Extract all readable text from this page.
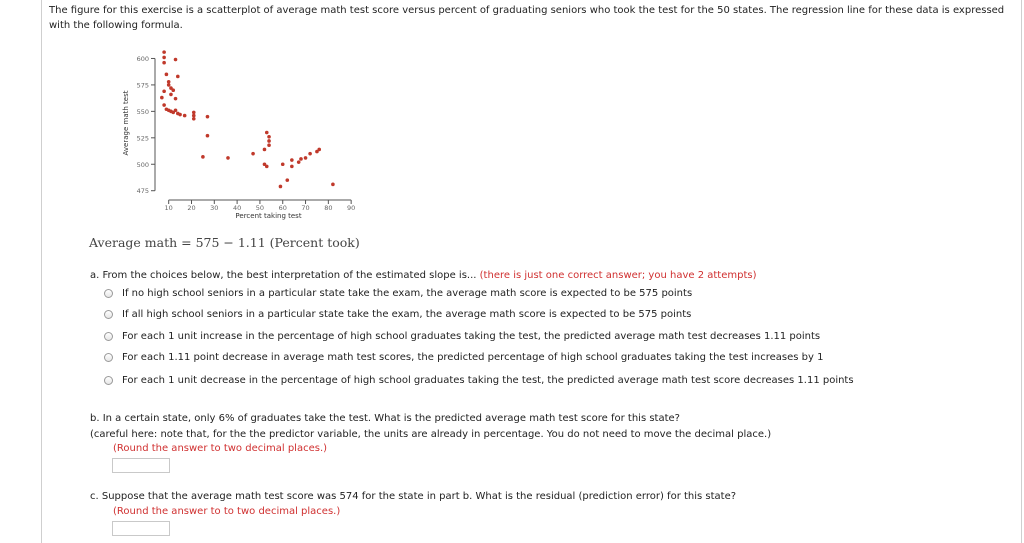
The figure for this exercise is a scatterplot of average math test score versus percent of graduating seniors who took the test for the 50 states. The regression line for these data is expressed with the following formula.
475
500
525
550
575
600
10 20 30 40 50 60 70 80 90
Percent taking test
Average math test
Average math = 575 − 1.11 (Percent took)
a. From the choices below, the best interpretation of the estimated slope is... (there is just one correct answer; you have 2 attempts)
If no high school seniors in a particular state take the exam, the average math score is expected to be 575 points
If all high school seniors in a particular state take the exam, the average math score is expected to be 575 points
For each 1 unit increase in the percentage of high school graduates taking the test, the predicted average math test decreases 1.11 points
For each 1.11 point decrease in average math test scores, the predicted percentage of high school graduates taking the test increases by 1
For each 1 unit decrease in the percentage of high school graduates taking the test, the predicted average math test score decreases 1.11 points
b. In a certain state, only 6% of graduates take the test. What is the predicted average math test score for this state?
(careful here: note that, for the the predictor variable, the units are already in percentage. You do not need to move the decimal place.)
(Round the answer to two decimal places.)
c. Suppose that the average math test score was 574 for the state in part b. What is the residual (prediction error) for this state?
(Round the answer to to two decimal places.)
